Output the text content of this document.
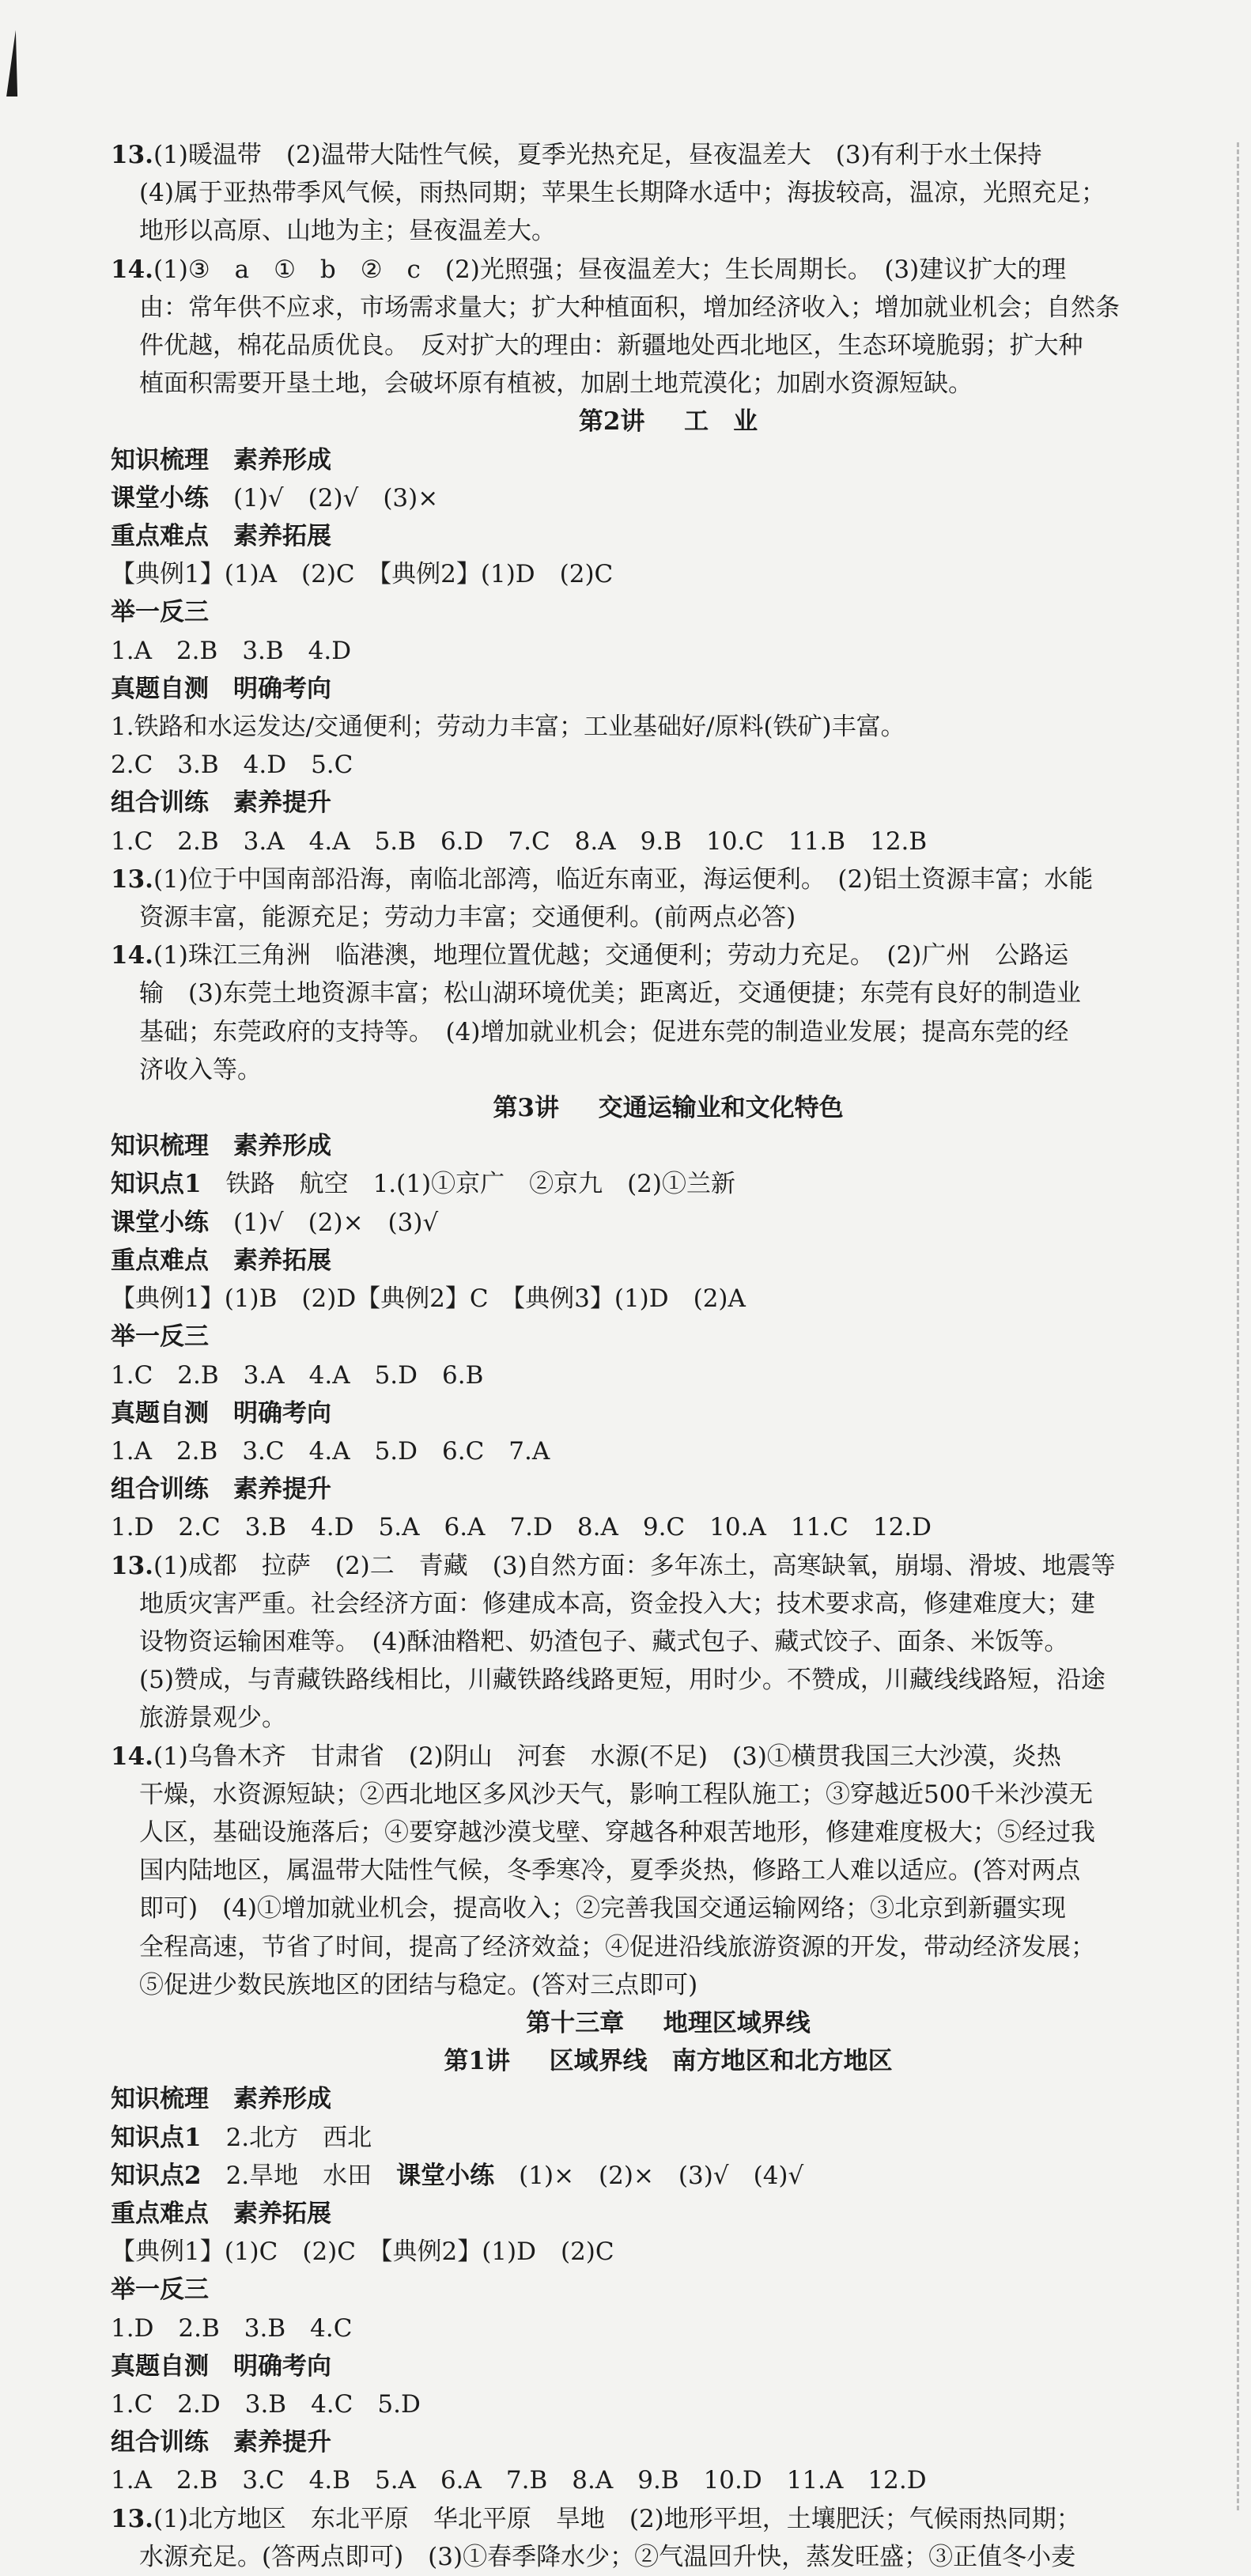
13.(1)暖温带　(2)温带大陆性气候，夏季光热充足，昼夜温差大　(3)有利于水土保持
(4)属于亚热带季风气候，雨热同期；苹果生长期降水适中；海拔较高，温凉，光照充足；
地形以高原、山地为主；昼夜温差大。
14.(1)③　a　①　b　②　c　(2)光照强；昼夜温差大；生长周期长。　(3)建议扩大的理
由：常年供不应求，市场需求量大；扩大种植面积，增加经济收入；增加就业机会；自然条
件优越，棉花品质优良。　反对扩大的理由：新疆地处西北地区，生态环境脆弱；扩大种
植面积需要开垦土地，会破坏原有植被，加剧土地荒漠化；加剧水资源短缺。
第2讲 工　业
知识梳理　素养形成
课堂小练　 (1)√　(2)√　(3)×
重点难点　素养拓展
【典例1】(1)A　(2)C　【典例2】(1)D　(2)C
举一反三
1.A　2.B　3.B　4.D
真题自测　明确考向
1.铁路和水运发达/交通便利；劳动力丰富；工业基础好/原料(铁矿)丰富。
2.C　3.B　4.D　5.C
组合训练　素养提升
1.C　2.B　3.A　4.A　5.B　6.D　7.C　8.A　9.B　10.C　11.B　12.B
13.(1)位于中国南部沿海，南临北部湾，临近东南亚，海运便利。　(2)铝土资源丰富；水能
资源丰富，能源充足；劳动力丰富；交通便利。(前两点必答)
14.(1)珠江三角洲　临港澳，地理位置优越；交通便利；劳动力充足。　(2)广州　公路运
输　(3)东莞土地资源丰富；松山湖环境优美；距离近，交通便捷；东莞有良好的制造业
基础；东莞政府的支持等。　(4)增加就业机会；促进东莞的制造业发展；提高东莞的经
济收入等。
第3讲 交通运输业和文化特色
知识梳理　素养形成
知识点1　 铁路　航空　1.(1)①京广　②京九　(2)①兰新
课堂小练　 (1)√　(2)×　(3)√
重点难点　素养拓展
【典例1】(1)B　(2)D【典例2】C　【典例3】(1)D　(2)A
举一反三
1.C　2.B　3.A　4.A　5.D　6.B
真题自测　明确考向
1.A　2.B　3.C　4.A　5.D　6.C　7.A
组合训练　素养提升
1.D　2.C　3.B　4.D　5.A　6.A　7.D　8.A　9.C　10.A　11.C　12.D
13.(1)成都　拉萨　(2)二　青藏　(3)自然方面：多年冻土，高寒缺氧，崩塌、滑坡、地震等
地质灾害严重。社会经济方面：修建成本高，资金投入大；技术要求高，修建难度大；建
设物资运输困难等。　(4)酥油糌粑、奶渣包子、藏式包子、藏式饺子、面条、米饭等。
(5)赞成，与青藏铁路线相比，川藏铁路线路更短，用时少。不赞成，川藏线线路短，沿途
旅游景观少。
14.(1)乌鲁木齐　甘肃省　(2)阴山　河套　水源(不足)　(3)①横贯我国三大沙漠，炎热
干燥，水资源短缺；②西北地区多风沙天气，影响工程队施工；③穿越近500千米沙漠无
人区，基础设施落后；④要穿越沙漠戈壁、穿越各种艰苦地形，修建难度极大；⑤经过我
国内陆地区，属温带大陆性气候，冬季寒冷，夏季炎热，修路工人难以适应。(答对两点
即可)　(4)①增加就业机会，提高收入；②完善我国交通运输网络；③北京到新疆实现
全程高速，节省了时间，提高了经济效益；④促进沿线旅游资源的开发，带动经济发展；
⑤促进少数民族地区的团结与稳定。(答对三点即可)
第十三章 地理区域界线
第1讲 区域界线　南方地区和北方地区
知识梳理　素养形成
知识点1　 2.北方　西北
知识点2　 2.旱地　水田　课堂小练　 (1)×　(2)×　(3)√　(4)√
重点难点　素养拓展
【典例1】(1)C　(2)C　【典例2】(1)D　(2)C
举一反三
1.D　2.B　3.B　4.C
真题自测　明确考向
1.C　2.D　3.B　4.C　5.D
组合训练　素养提升
1.A　2.B　3.C　4.B　5.A　6.A　7.B　8.A　9.B　10.D　11.A　12.D
13.(1)北方地区　东北平原　华北平原　旱地　(2)地形平坦，土壤肥沃；气候雨热同期；
水源充足。(答两点即可)　(3)①春季降水少；②气温回升快，蒸发旺盛；③正值冬小麦
